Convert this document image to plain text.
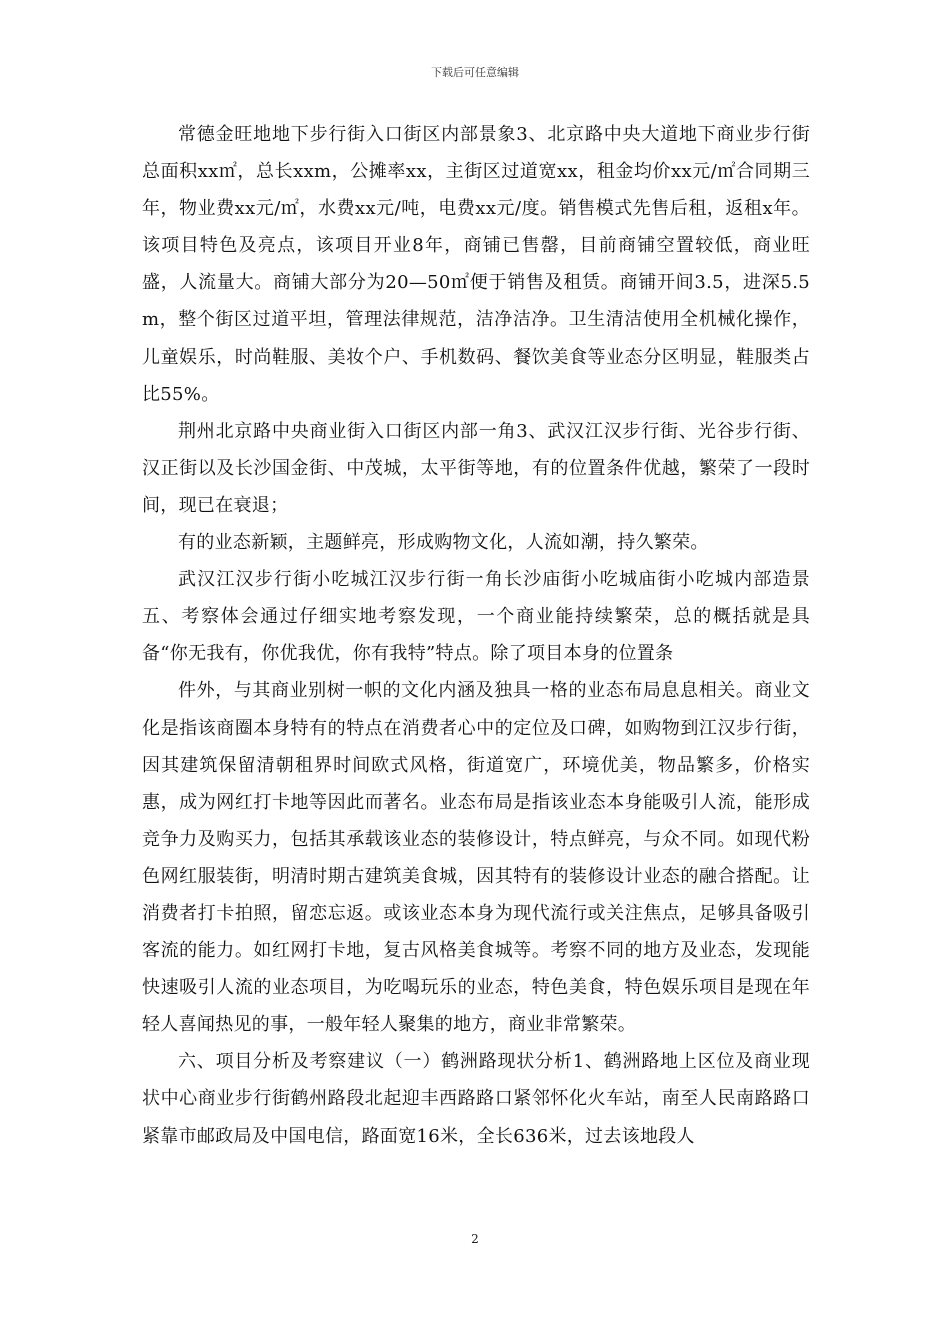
下载后可任意编辑

常德金旺地地下步行街入口街区内部景象3、北京路中央大道地下商业步行街总面积xx㎡，总长xxm，公摊率xx，主街区过道宽xx，租金均价xx元/㎡合同期三年，物业费xx元/㎡，水费xx元/吨，电费xx元/度。销售模式先售后租，返租x年。该项目特色及亮点，该项目开业8年，商铺已售罄，目前商铺空置较低，商业旺盛，人流量大。商铺大部分为20—50㎡便于销售及租赁。商铺开间3.5，进深5.5m，整个街区过道平坦，管理法律规范，洁净洁净。卫生清洁使用全机械化操作，儿童娱乐，时尚鞋服、美妆个户、手机数码、餐饮美食等业态分区明显，鞋服类占比55%。

荆州北京路中央商业街入口街区内部一角3、武汉江汉步行街、光谷步行街、汉正街以及长沙国金街、中茂城，太平街等地，有的位置条件优越，繁荣了一段时间，现已在衰退；

有的业态新颖，主题鲜亮，形成购物文化，人流如潮，持久繁荣。

武汉江汉步行街小吃城江汉步行街一角长沙庙街小吃城庙街小吃城内部造景五、考察体会通过仔细实地考察发现，一个商业能持续繁荣，总的概括就是具备“你无我有，你优我优，你有我特”特点。除了项目本身的位置条

件外，与其商业别树一帜的文化内涵及独具一格的业态布局息息相关。商业文化是指该商圈本身特有的特点在消费者心中的定位及口碑，如购物到江汉步行街，因其建筑保留清朝租界时间欧式风格，街道宽广，环境优美，物品繁多，价格实惠，成为网红打卡地等因此而著名。业态布局是指该业态本身能吸引人流，能形成竞争力及购买力，包括其承载该业态的装修设计，特点鲜亮，与众不同。如现代粉色网红服装街，明清时期古建筑美食城，因其特有的装修设计业态的融合搭配。让消费者打卡拍照，留恋忘返。或该业态本身为现代流行或关注焦点，足够具备吸引客流的能力。如红网打卡地，复古风格美食城等。考察不同的地方及业态，发现能快速吸引人流的业态项目，为吃喝玩乐的业态，特色美食，特色娱乐项目是现在年轻人喜闻热见的事，一般年轻人聚集的地方，商业非常繁荣。

六、项目分析及考察建议（一）鹤洲路现状分析1、鹤洲路地上区位及商业现状中心商业步行街鹤州路段北起迎丰西路路口紧邻怀化火车站，南至人民南路路口紧靠市邮政局及中国电信，路面宽16米，全长636米，过去该地段人

2
